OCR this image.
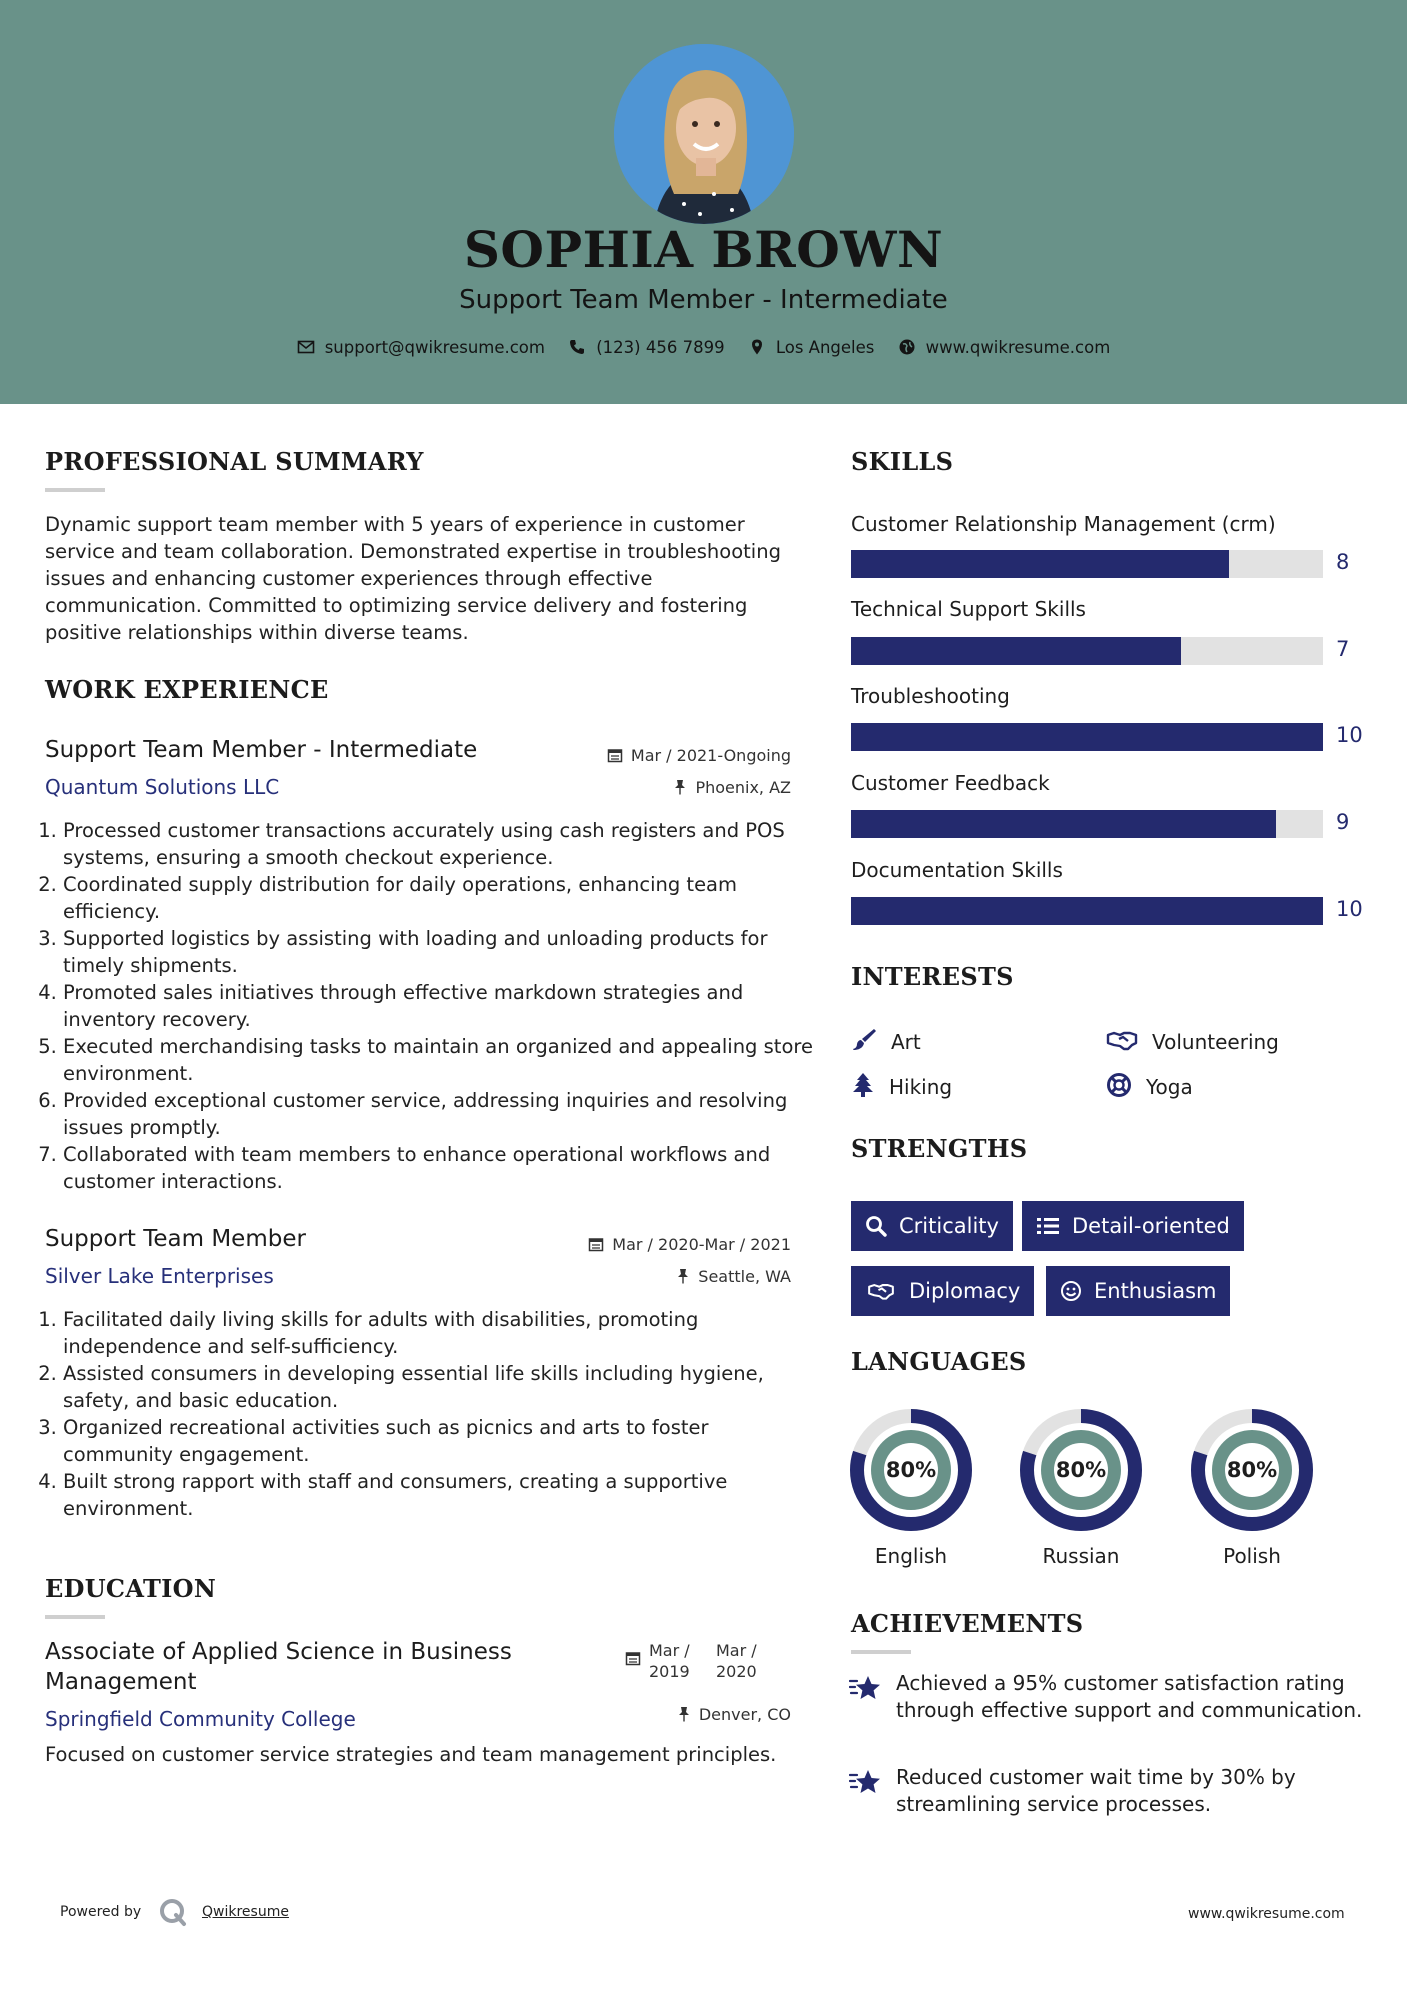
SOPHIA BROWN
Support Team Member - Intermediate
support@qwikresume.com	(123) 456 7899	Los Angeles	www.qwikresume.com
PROFESSIONAL SUMMARY
Dynamic support team member with 5 years of experience in customer service and team collaboration. Demonstrated expertise in troubleshooting issues and enhancing customer experiences through effective communication. Committed to optimizing service delivery and fostering positive relationships within diverse teams.
WORK EXPERIENCE
Support Team Member - Intermediate
Quantum Solutions LLC
Mar / 2021-Ongoing
Phoenix, AZ
1. Processed customer transactions accurately using cash registers and POS systems, ensuring a smooth checkout experience.
2. Coordinated supply distribution for daily operations, enhancing team efficiency.
3. Supported logistics by assisting with loading and unloading products for timely shipments.
4. Promoted sales initiatives through effective markdown strategies and inventory recovery.
5. Executed merchandising tasks to maintain an organized and appealing store environment.
6. Provided exceptional customer service, addressing inquiries and resolving issues promptly.
7. Collaborated with team members to enhance operational workflows and customer interactions.
Support Team Member
Silver Lake Enterprises
Mar / 2020-Mar / 2021
Seattle, WA
1. Facilitated daily living skills for adults with disabilities, promoting independence and self-sufficiency.
2. Assisted consumers in developing essential life skills including hygiene, safety, and basic education.
3. Organized recreational activities such as picnics and arts to foster community engagement.
4. Built strong rapport with staff and consumers, creating a supportive environment.
EDUCATION
Associate of Applied Science in Business
Management
Springfield Community College
Mar /
2019
Mar /
2020
Denver, CO
Focused on customer service strategies and team management principles.
SKILLS
Customer Relationship Management (crm)
8
Technical Support Skills
7
Troubleshooting
10
Customer Feedback
9
Documentation Skills
10
INTERESTS
Art	Volunteering
Hiking	Yoga
STRENGTHS
Criticality	Detail-oriented
Diplomacy	Enthusiasm
LANGUAGES
80%
English
80%
Russian
80%
Polish
ACHIEVEMENTS
Achieved a 95% customer satisfaction rating through effective support and communication.
Reduced customer wait time by 30% by streamlining service processes.
Powered by	Qwikresume	www.qwikresume.com
